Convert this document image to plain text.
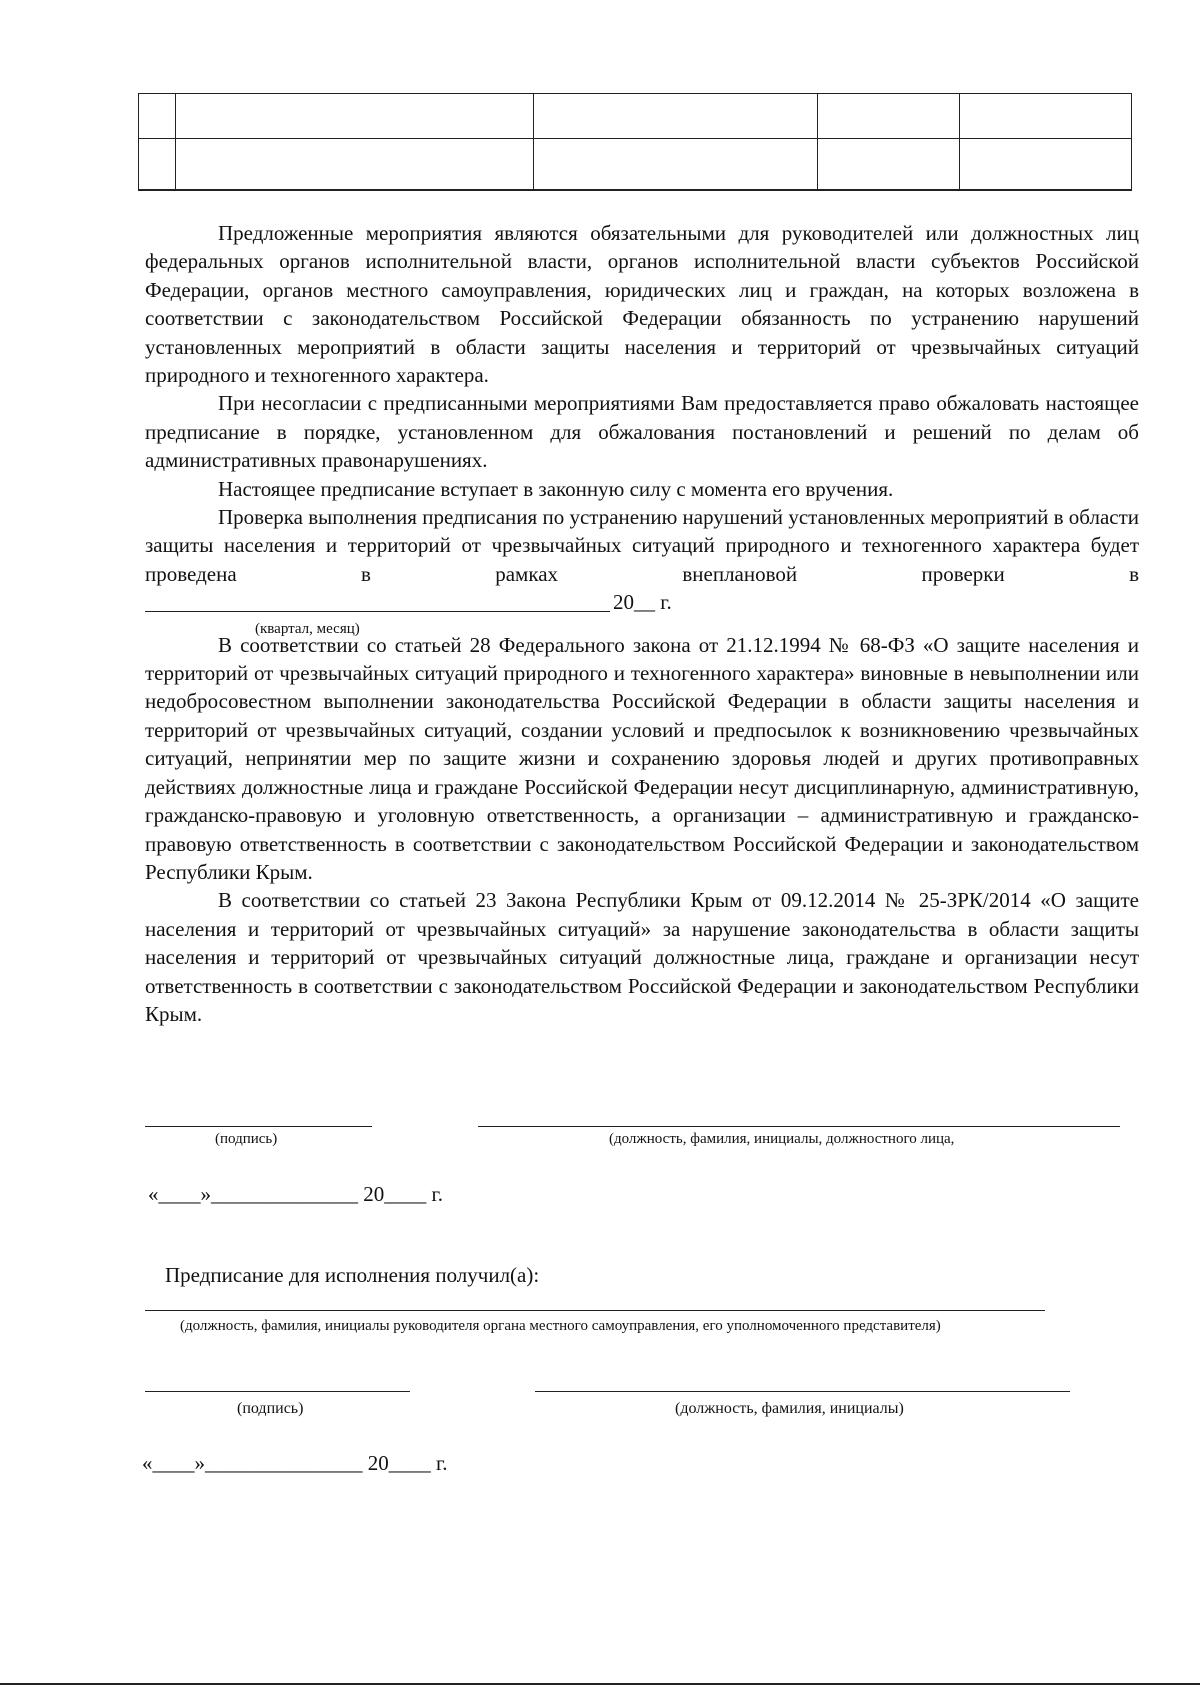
Предложенные мероприятия являются обязательными для руководителей или должностных лиц федеральных органов исполнительной власти, органов исполнительной власти субъектов Российской Федерации, органов местного самоуправления, юридических лиц и граждан, на которых возложена в соответствии с законодательством Российской Федерации обязанность по устранению нарушений установленных мероприятий в области защиты населения и территорий от чрезвычайных ситуаций природного и техногенного характера.

При несогласии с предписанными мероприятиями Вам предоставляется право обжаловать настоящее предписание в порядке, установленном для обжалования постановлений и решений по делам об административных правонарушениях.

Настоящее предписание вступает в законную силу с момента его вручения.

Проверка выполнения предписания по устранению нарушений установленных мероприятий в области защиты населения и территорий от чрезвычайных ситуаций природного и техногенного характера будет проведена в рамках внеплановой проверки в

20__ г.
(квартал, месяц)

В соответствии со статьей 28 Федерального закона от 21.12.1994 № 68-ФЗ «О защите населения и территорий от чрезвычайных ситуаций природного и техногенного характера» виновные в невыполнении или недобросовестном выполнении законодательства Российской Федерации в области защиты населения и территорий от чрезвычайных ситуаций, создании условий и предпосылок к возникновению чрезвычайных ситуаций, непринятии мер по защите жизни и сохранению здоровья людей и других противоправных действиях должностные лица и граждане Российской Федерации несут дисциплинарную, административную, гражданско-правовую и уголовную ответственность, а организации – административную и гражданско-правовую ответственность в соответствии с законодательством Российской Федерации и законодательством Республики Крым.

В соответствии со статьей 23 Закона Республики Крым от 09.12.2014 № 25-ЗРК/2014 «О защите населения и территорий от чрезвычайных ситуаций» за нарушение законодательства в области защиты населения и территорий от чрезвычайных ситуаций должностные лица, граждане и организации несут ответственность в соответствии с законодательством Российской Федерации и законодательством Республики Крым.

(подпись)	(должность, фамилия, инициалы, должностного лица,
«____»______________ 20____ г.
Предписание для исполнения получил(а):
(должность, фамилия, инициалы руководителя органа местного самоуправления, его уполномоченного представителя)
(подпись)	(должность, фамилия, инициалы)
«____»_______________ 20____ г.
